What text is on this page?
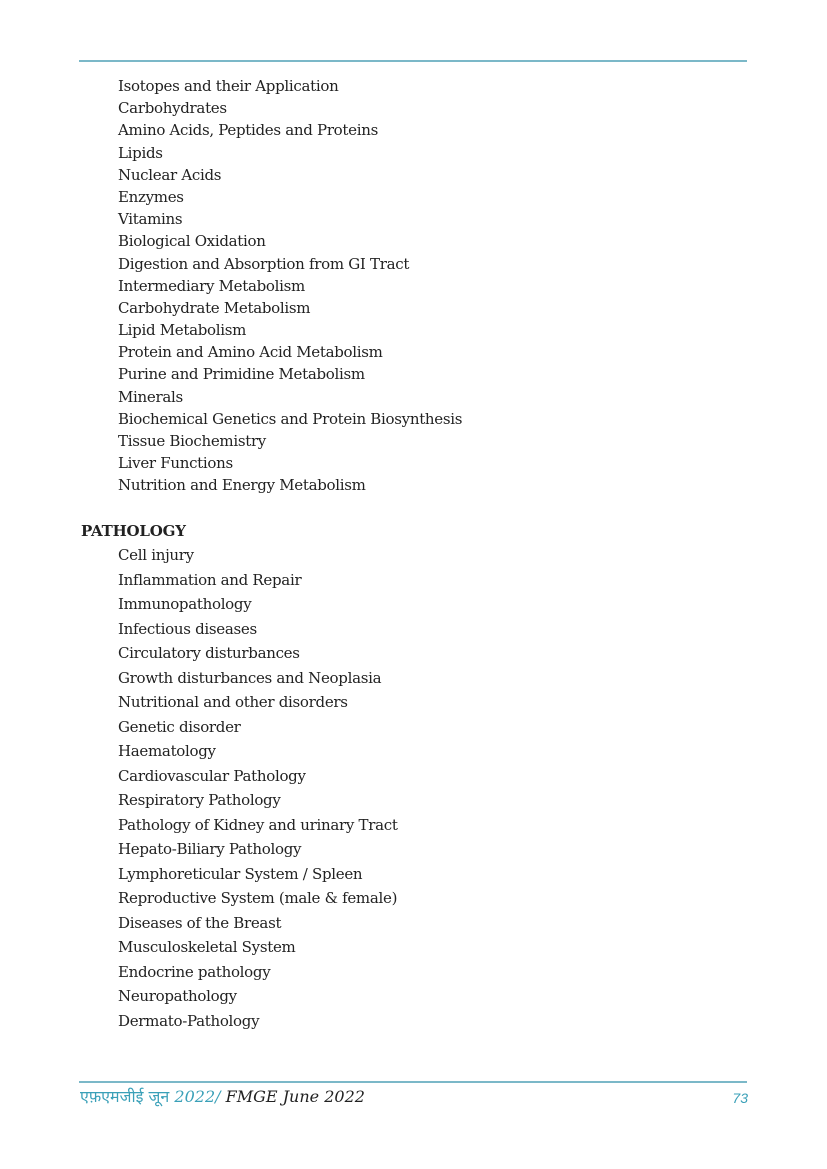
Isotopes and their Application
Carbohydrates
Amino Acids, Peptides and Proteins
Lipids
Nuclear Acids
Enzymes
Vitamins
Biological Oxidation
Digestion and Absorption from GI Tract
Intermediary Metabolism
Carbohydrate Metabolism
Lipid Metabolism
Protein and Amino Acid Metabolism
Purine and Primidine Metabolism
Minerals
Biochemical Genetics and Protein Biosynthesis
Tissue Biochemistry
Liver Functions
Nutrition and Energy Metabolism
PATHOLOGY
Cell injury
Inflammation and Repair
Immunopathology
Infectious diseases
Circulatory disturbances
Growth disturbances and Neoplasia
Nutritional and other disorders
Genetic disorder
Haematology
Cardiovascular Pathology
Respiratory Pathology
Pathology of Kidney and urinary Tract
Hepato-Biliary Pathology
Lymphoreticular System / Spleen
Reproductive System (male & female)
Diseases of the Breast
Musculoskeletal System
Endocrine pathology
Neuropathology
Dermato-Pathology
एफ़एमजीई जून 2022/ FMGE June 2022	73
